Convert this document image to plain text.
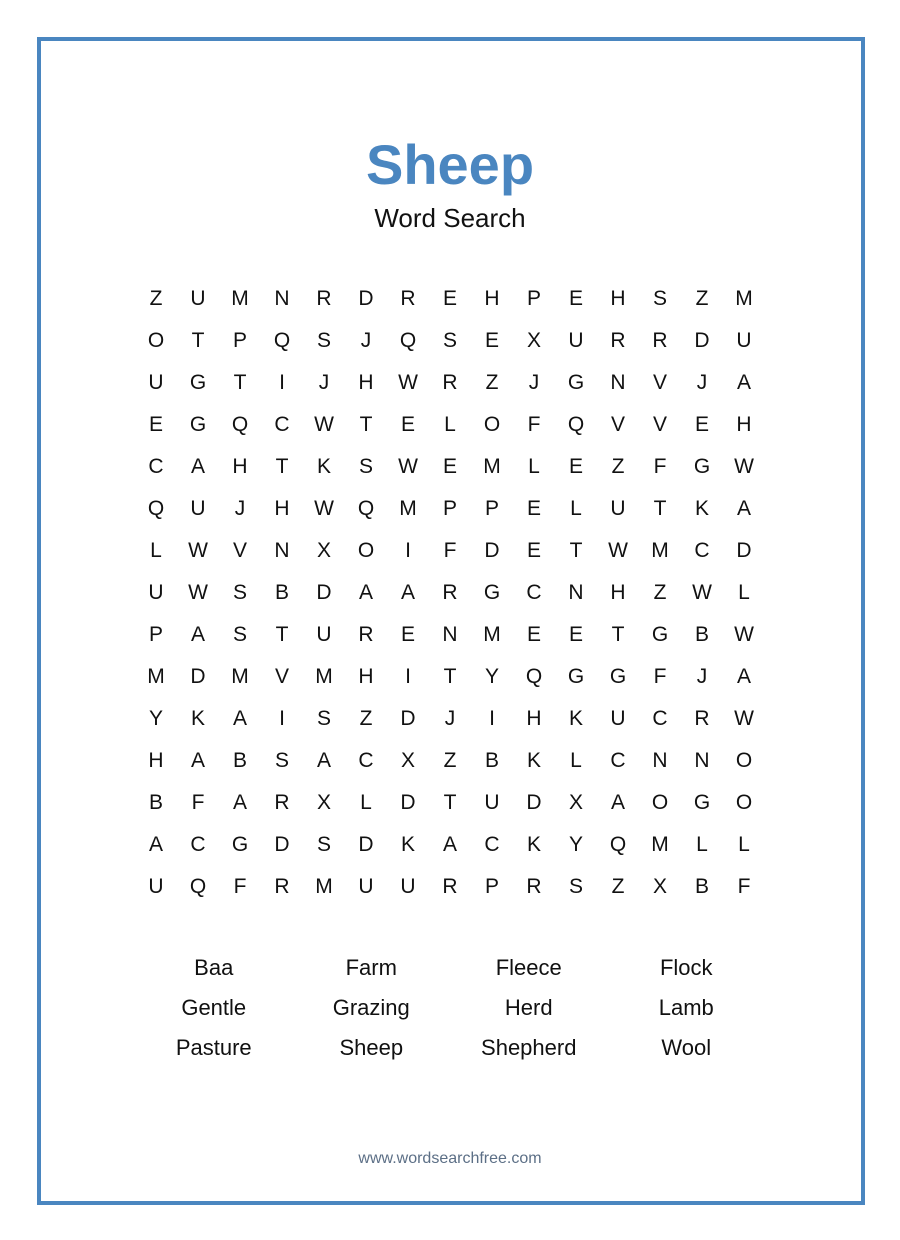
Sheep
Word Search
Z	U	M	N	R	D	R	E	H	P	E	H	S	Z	M
O	T	P	Q	S	J	Q	S	E	X	U	R	R	D	U
U	G	T	I	J	H	W	R	Z	J	G	N	V	J	A
E	G	Q	C	W	T	E	L	O	F	Q	V	V	E	H
C	A	H	T	K	S	W	E	M	L	E	Z	F	G	W
Q	U	J	H	W	Q	M	P	P	E	L	U	T	K	A
L	W	V	N	X	O	I	F	D	E	T	W	M	C	D
U	W	S	B	D	A	A	R	G	C	N	H	Z	W	L
P	A	S	T	U	R	E	N	M	E	E	T	G	B	W
M	D	M	V	M	H	I	T	Y	Q	G	G	F	J	A
Y	K	A	I	S	Z	D	J	I	H	K	U	C	R	W
H	A	B	S	A	C	X	Z	B	K	L	C	N	N	O
B	F	A	R	X	L	D	T	U	D	X	A	O	G	O
A	C	G	D	S	D	K	A	C	K	Y	Q	M	L	L
U	Q	F	R	M	U	U	R	P	R	S	Z	X	B	F
Baa	Farm	Fleece	Flock
Gentle	Grazing	Herd	Lamb
Pasture	Sheep	Shepherd	Wool
www.wordsearchfree.com
